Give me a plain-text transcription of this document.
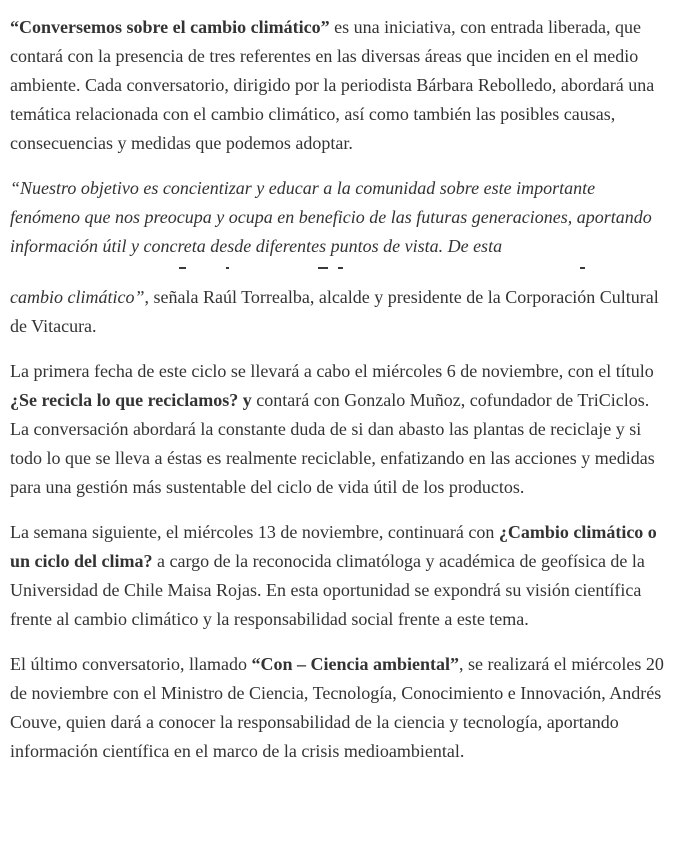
“Conversemos sobre el cambio climático” es una iniciativa, con entrada liberada, que contará con la presencia de tres referentes en las diversas áreas que inciden en el medio ambiente. Cada conversatorio, dirigido por la periodista Bárbara Rebolledo, abordará una temática relacionada con el cambio climático, así como también las posibles causas, consecuencias y medidas que podemos adoptar.

“Nuestro objetivo es concientizar y educar a la comunidad sobre este importante fenómeno que nos preocupa y ocupa en beneficio de las futuras generaciones, aportando información útil y concreta desde diferentes puntos de vista. De esta

cambio climático”, señala Raúl Torrealba, alcalde y presidente de la Corporación Cultural de Vitacura.

La primera fecha de este ciclo se llevará a cabo el miércoles 6 de noviembre, con el título ¿Se recicla lo que reciclamos? y contará con Gonzalo Muñoz, cofundador de TriCiclos. La conversación abordará la constante duda de si dan abasto las plantas de reciclaje y si todo lo que se lleva a éstas es realmente reciclable, enfatizando en las acciones y medidas para una gestión más sustentable del ciclo de vida útil de los productos.

La semana siguiente, el miércoles 13 de noviembre, continuará con ¿Cambio climático o un ciclo del clima? a cargo de la reconocida climatóloga y académica de geofísica de la Universidad de Chile Maisa Rojas. En esta oportunidad se expondrá su visión científica frente al cambio climático y la responsabilidad social frente a este tema.

El último conversatorio, llamado “Con – Ciencia ambiental”, se realizará el miércoles 20 de noviembre con el Ministro de Ciencia, Tecnología, Conocimiento e Innovación, Andrés Couve, quien dará a conocer la responsabilidad de la ciencia y tecnología, aportando información científica en el marco de la crisis medioambiental.
